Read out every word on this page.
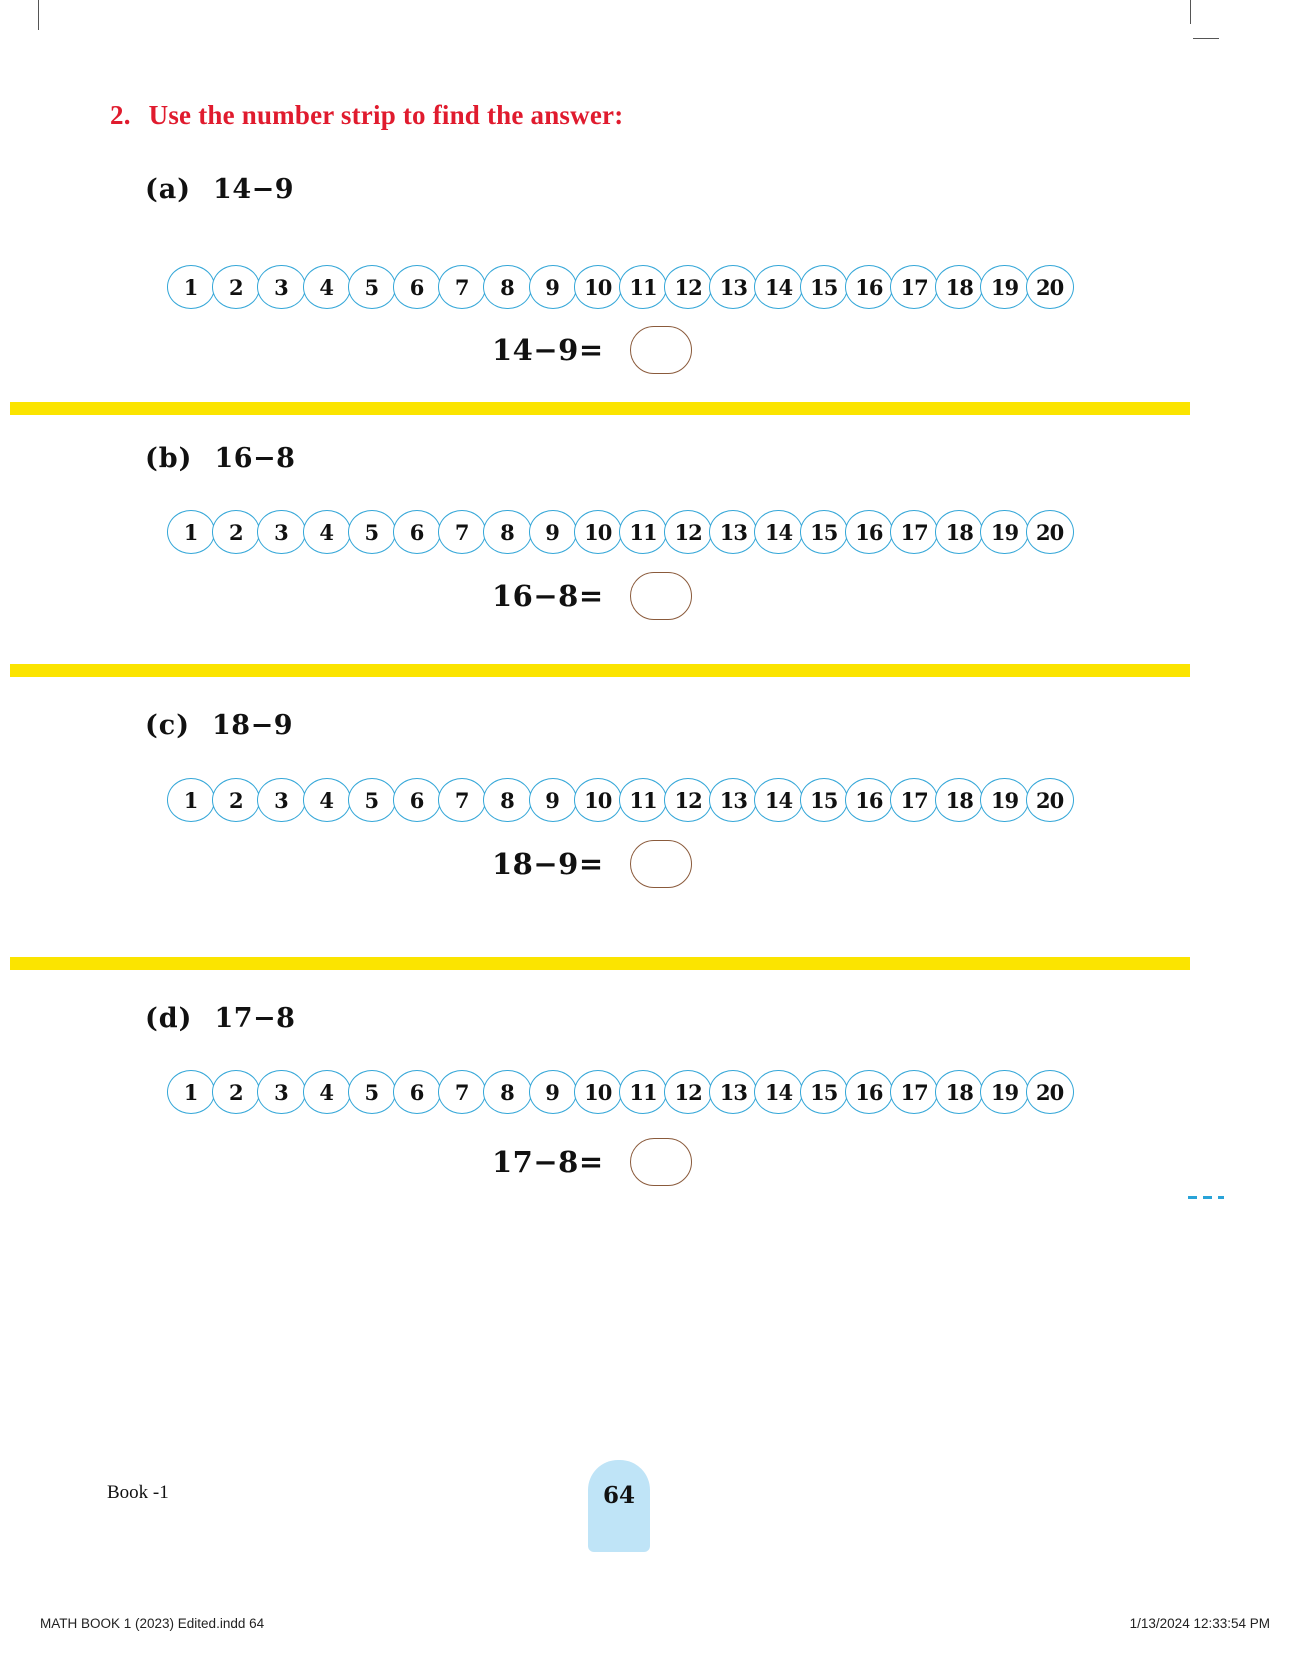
2. Use the number strip to find the answer:
(a) 14−9
1	2	3	4	5	6	7	8	9	10 11 12 13 14 15 16 17 18 19 20
14−9=
(b) 16−8
1	2	3	4	5	6	7	8	9	10 11 12 13 14 15 16 17 18 19 20
16−8=
(c) 18−9
1	2	3	4	5	6	7	8	9	10 11 12 13 14 15 16 17 18 19 20
18−9=
(d) 17−8
1	2	3	4	5	6	7	8	9	10 11 12 13 14 15 16 17 18 19 20
17−8=
Book -1	64
MATH BOOK 1 (2023) Edited.indd 64	1/13/2024 12:33:54 PM
